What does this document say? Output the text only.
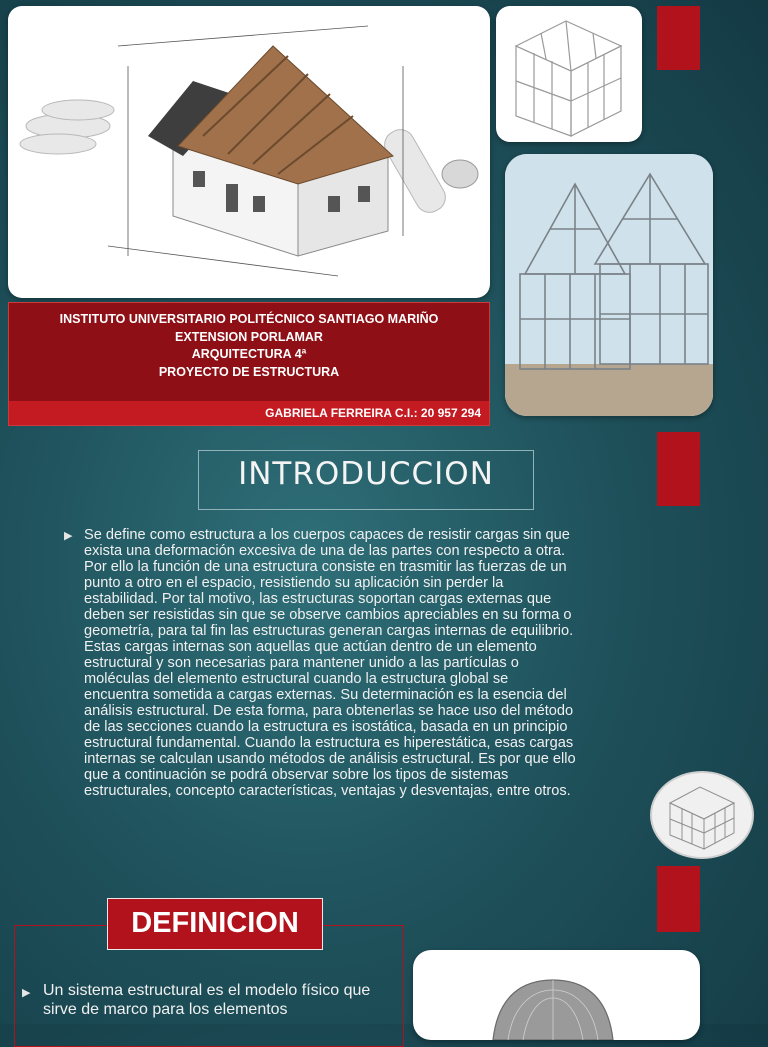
INSTITUTO UNIVERSITARIO POLITÉCNICO SANTIAGO MARIÑO
EXTENSION PORLAMAR
ARQUITECTURA 4ª
PROYECTO DE ESTRUCTURA
GABRIELA FERREIRA C.I.: 20 957 294
INTRODUCCION
▶ Se define como estructura a los cuerpos capaces de resistir cargas sin que
exista una deformación excesiva de una de las partes con respecto a otra.
Por ello la función de una estructura consiste en trasmitir las fuerzas de un
punto a otro en el espacio, resistiendo su aplicación sin perder la
estabilidad. Por tal motivo, las estructuras soportan cargas externas que
deben ser resistidas sin que se observe cambios apreciables en su forma o
geometría, para tal fin las estructuras generan cargas internas de equilibrio.
Estas cargas internas son aquellas que actúan dentro de un elemento
estructural y son necesarias para mantener unido a las partículas o
moléculas del elemento estructural cuando la estructura global se
encuentra sometida a cargas externas. Su determinación es la esencia del
análisis estructural. De esta forma, para obtenerlas se hace uso del método
de las secciones cuando la estructura es isostática, basada en un principio
estructural fundamental. Cuando la estructura es hiperestática, esas cargas
internas se calculan usando métodos de análisis estructural. Es por que ello
que a continuación se podrá observar sobre los tipos de sistemas
estructurales, concepto características, ventajas y desventajas, entre otros.
DEFINICION
▶ Un sistema estructural es el modelo físico que
sirve de marco para los elementos
